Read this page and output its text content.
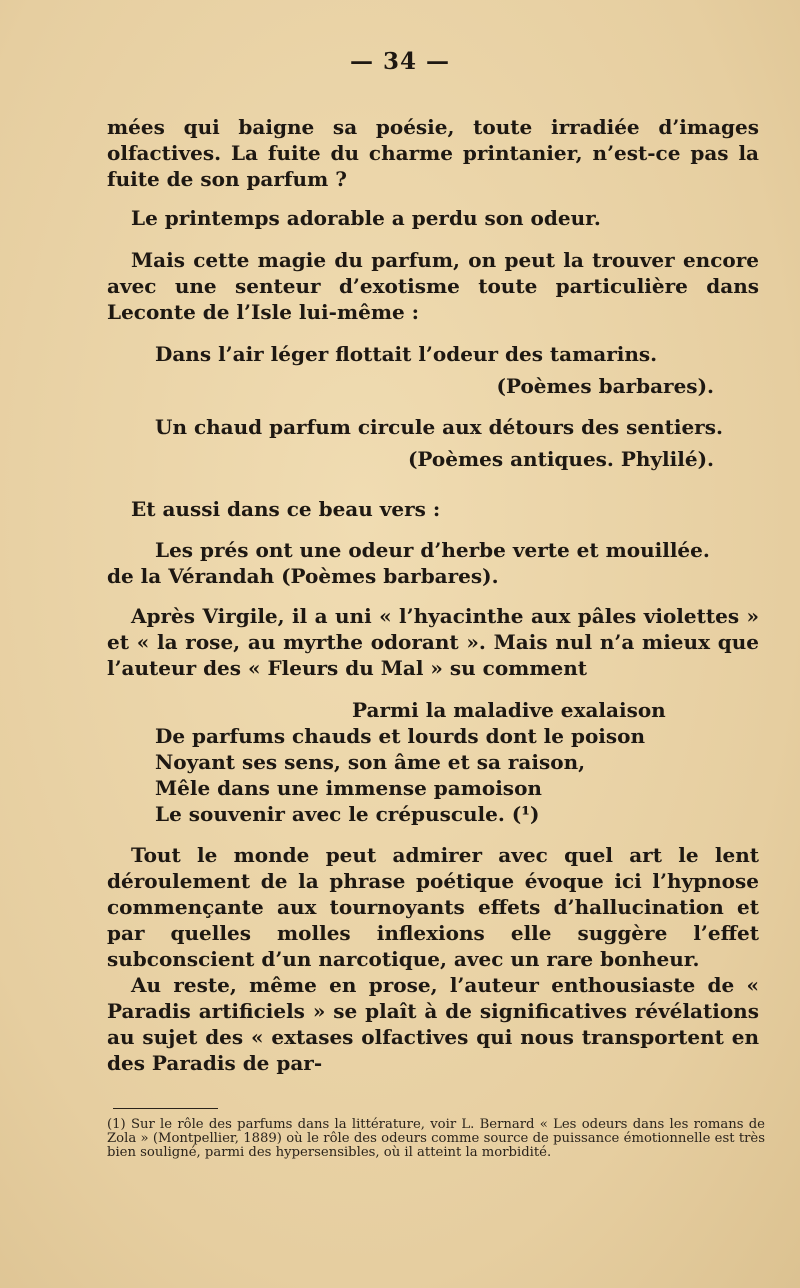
— 34 —

mées qui baigne sa poésie, toute irradiée d’images olfactives. La fuite du charme printanier, n’est-ce pas la fuite de son parfum ?

Le printemps adorable a perdu son odeur.

Mais cette magie du parfum, on peut la trouver encore avec une senteur d’exotisme toute particulière dans Leconte de l’Isle lui-même :

Dans l’air léger flottait l’odeur des tamarins.
(Poèmes barbares).
Un chaud parfum circule aux détours des sentiers.
(Poèmes antiques. Phylilé).
Et aussi dans ce beau vers :
Les prés ont une odeur d’herbe verte et mouillée.
de la Vérandah (Poèmes barbares).

Après Virgile, il a uni « l’hyacinthe aux pâles violettes » et « la rose, au myrthe odorant ». Mais nul n’a mieux que l’auteur des « Fleurs du Mal » su comment

Parmi la maladive exalaison
De parfums chauds et lourds dont le poison
Noyant ses sens, son âme et sa raison,
Mêle dans une immense pamoison
Le souvenir avec le crépuscule. (¹)

Tout le monde peut admirer avec quel art le lent déroulement de la phrase poétique évoque ici l’hypnose commençante aux tournoyants effets d’hallucination et par quelles molles inflexions elle suggère l’effet subconscient d’un narcotique, avec un rare bonheur.

Au reste, même en prose, l’auteur enthousiaste de « Paradis artificiels » se plaît à de significatives révélations au sujet des « extases olfactives qui nous transportent en des Paradis de par-

(1) Sur le rôle des parfums dans la littérature, voir L. Bernard « Les odeurs dans les romans de Zola » (Montpellier, 1889) où le rôle des odeurs comme source de puissance émotionnelle est très bien souligné, parmi des hypersensibles, où il atteint la morbidité.
